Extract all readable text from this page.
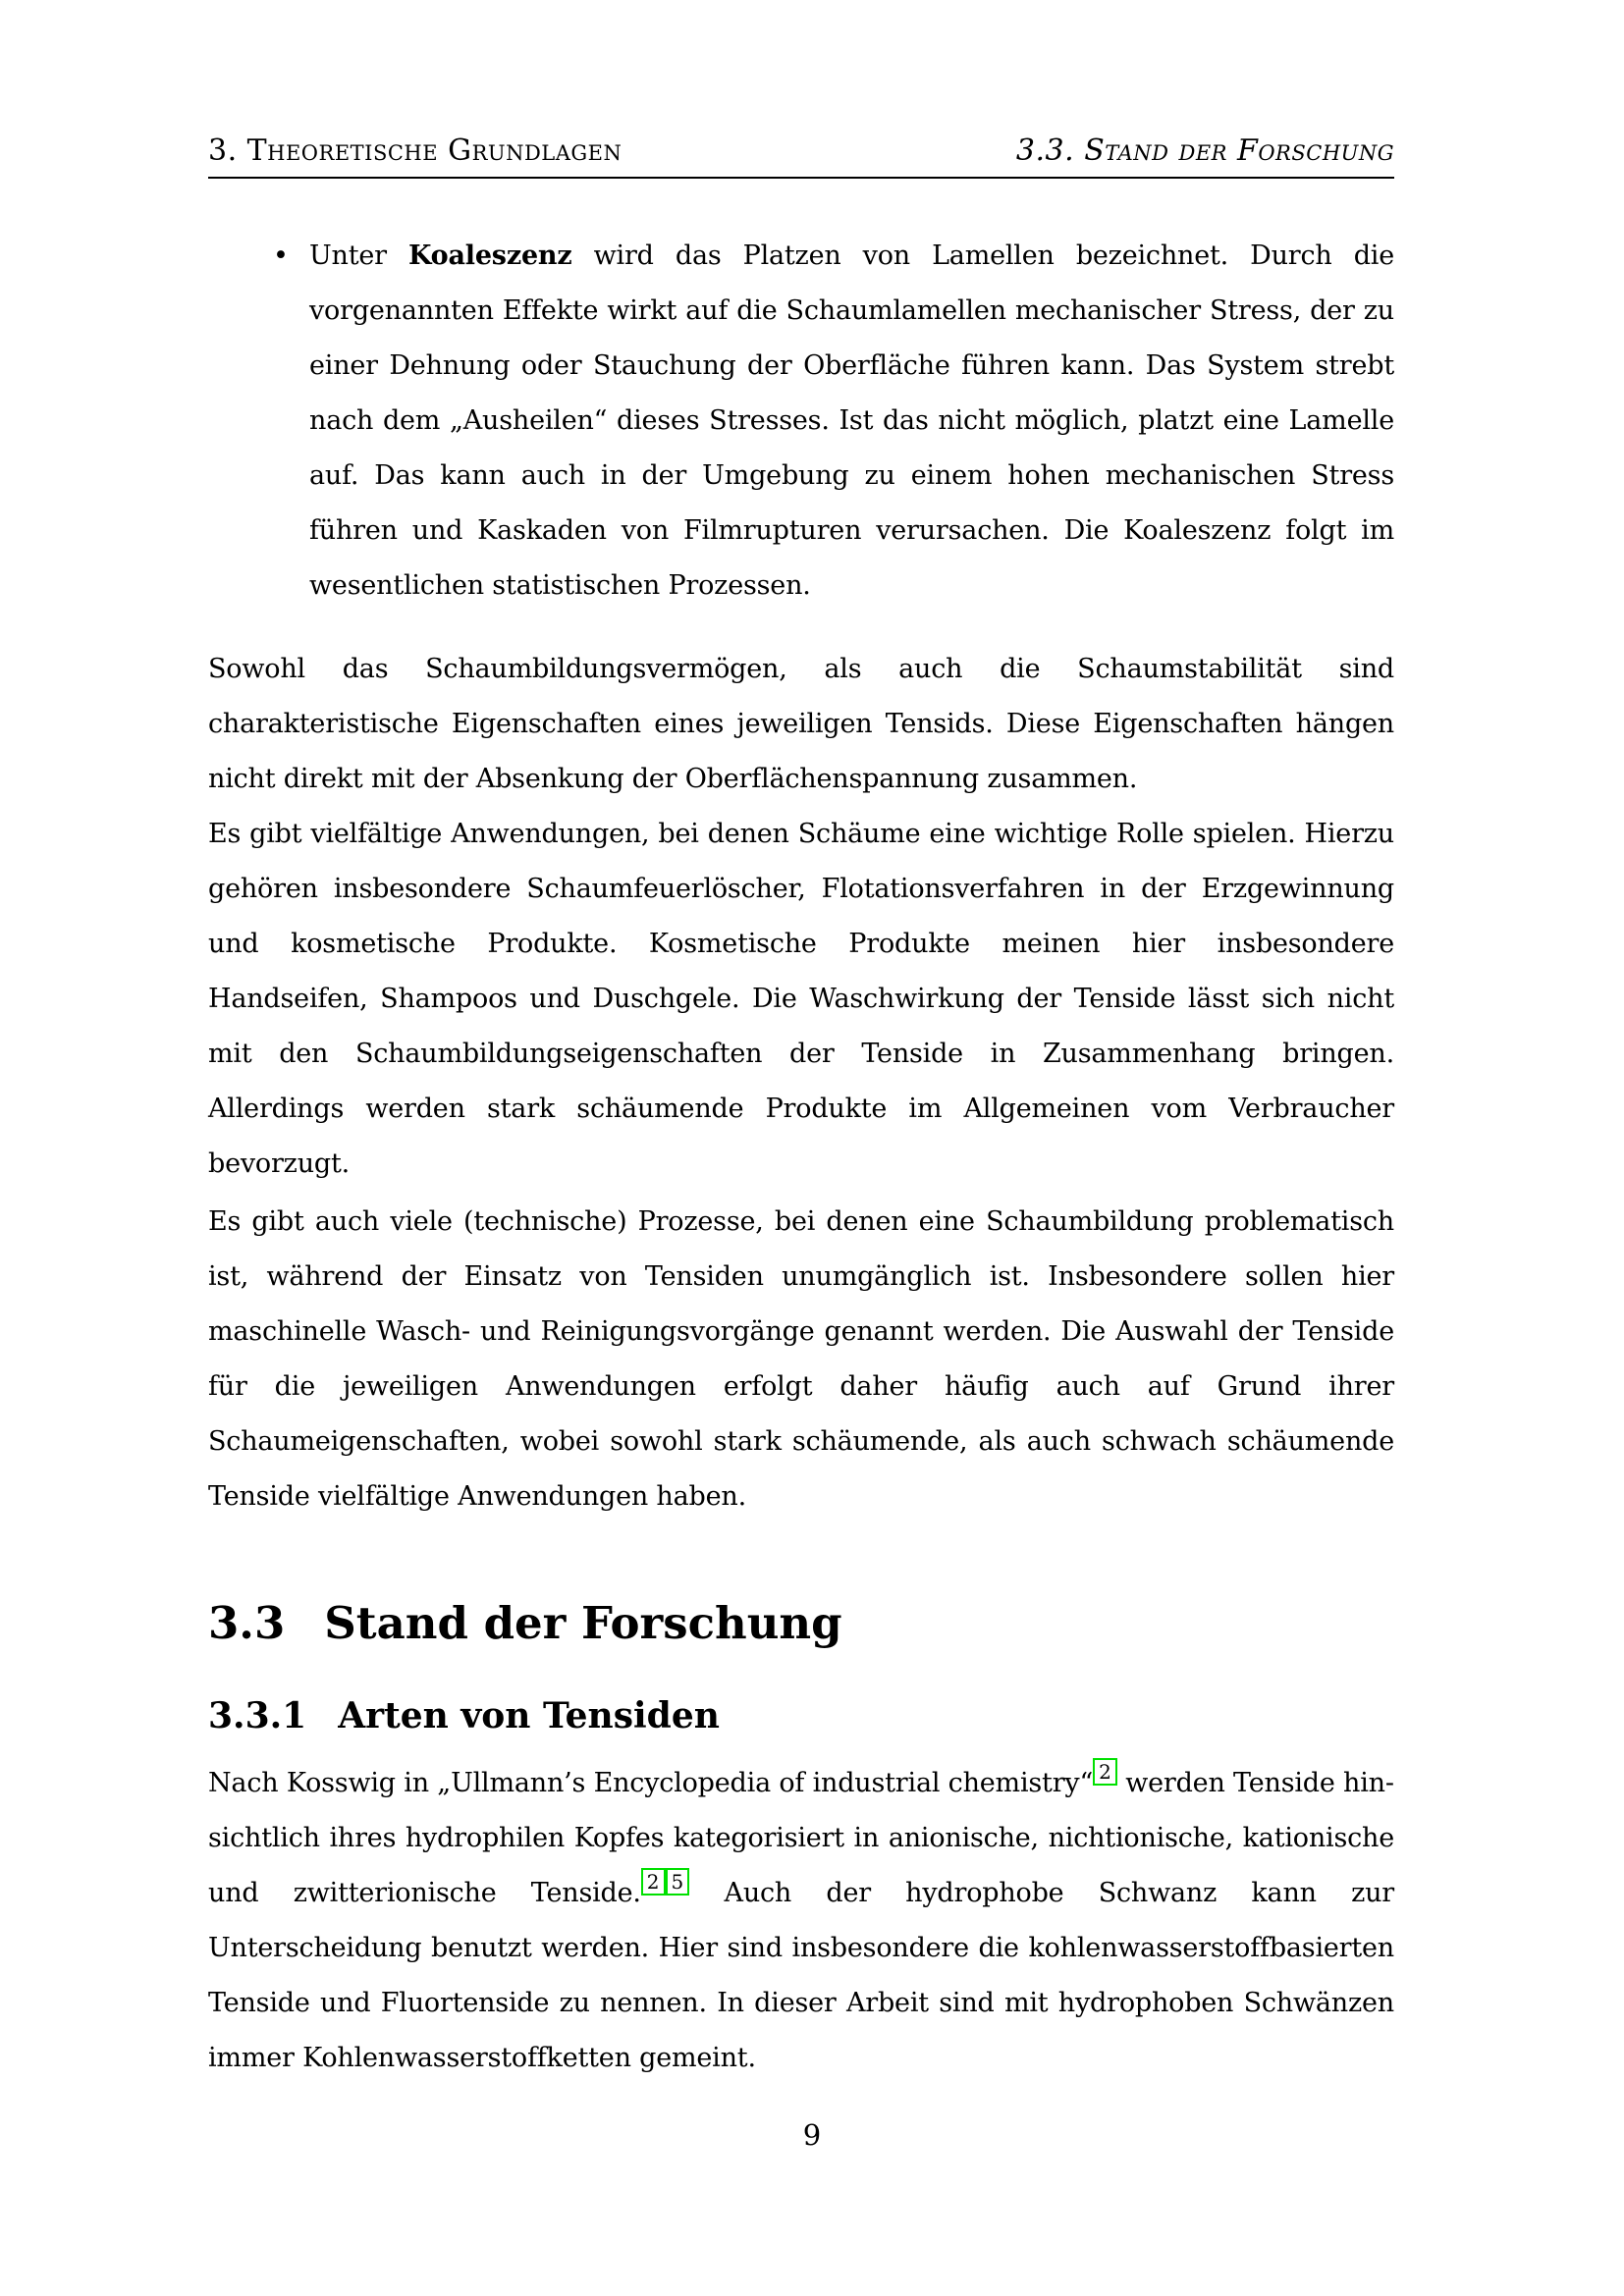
3. Theoretische Grundlagen	3.3. Stand der Forschung
• Unter Koaleszenz wird das Platzen von Lamellen bezeichnet. Durch die vorgenannten Effekte wirkt auf die Schaumlamellen mechanischer Stress, der zu einer Dehnung oder Stauchung der Oberfläche führen kann. Das System strebt nach dem „Ausheilen“ dieses Stresses. Ist das nicht möglich, platzt eine Lamelle auf. Das kann auch in der Umgebung zu einem hohen mechanischen Stress führen und Kaskaden von Filmrupturen verursachen. Die Koaleszenz folgt im wesentlichen statistischen Prozessen.

Sowohl das Schaumbildungsvermögen, als auch die Schaumstabilität sind charakteristische Eigenschaften eines jeweiligen Tensids. Diese Eigenschaften hängen nicht direkt mit der Absenkung der Oberflächenspannung zusammen.

Es gibt vielfältige Anwendungen, bei denen Schäume eine wichtige Rolle spielen. Hierzu gehören insbesondere Schaumfeuerlöscher, Flotationsverfahren in der Erzgewinnung und kosmetische Produkte. Kosmetische Produkte meinen hier insbesondere Handseifen, Shampoos und Duschgele. Die Waschwirkung der Tenside lässt sich nicht mit den Schaumbildungseigenschaften der Tenside in Zusammenhang bringen. Allerdings werden stark schäumende Produkte im Allgemeinen vom Verbraucher bevorzugt.

Es gibt auch viele (technische) Prozesse, bei denen eine Schaumbildung problematisch ist, während der Einsatz von Tensiden unumgänglich ist. Insbesondere sollen hier maschinelle Wasch- und Reinigungsvorgänge genannt werden. Die Auswahl der Tenside für die jeweiligen Anwendungen erfolgt daher häufig auch auf Grund ihrer Schaumeigenschaften, wobei sowohl stark schäumende, als auch schwach schäumende Tenside vielfältige Anwendungen haben.

3.3 Stand der Forschung
3.3.1 Arten von Tensiden

Nach Kosswig in „Ullmann’s Encyclopedia of industrial chemistry“ 2 werden Tenside hinsichtlich ihres hydrophilen Kopfes kategorisiert in anionische, nichtionische, kationische und zwitterionische Tenside. 2 5 Auch der hydrophobe Schwanz kann zur Unterscheidung benutzt werden. Hier sind insbesondere die kohlenwasserstoffbasierten Tenside und Fluortenside zu nennen. In dieser Arbeit sind mit hydrophoben Schwänzen immer Kohlenwasserstoffketten gemeint.

9
